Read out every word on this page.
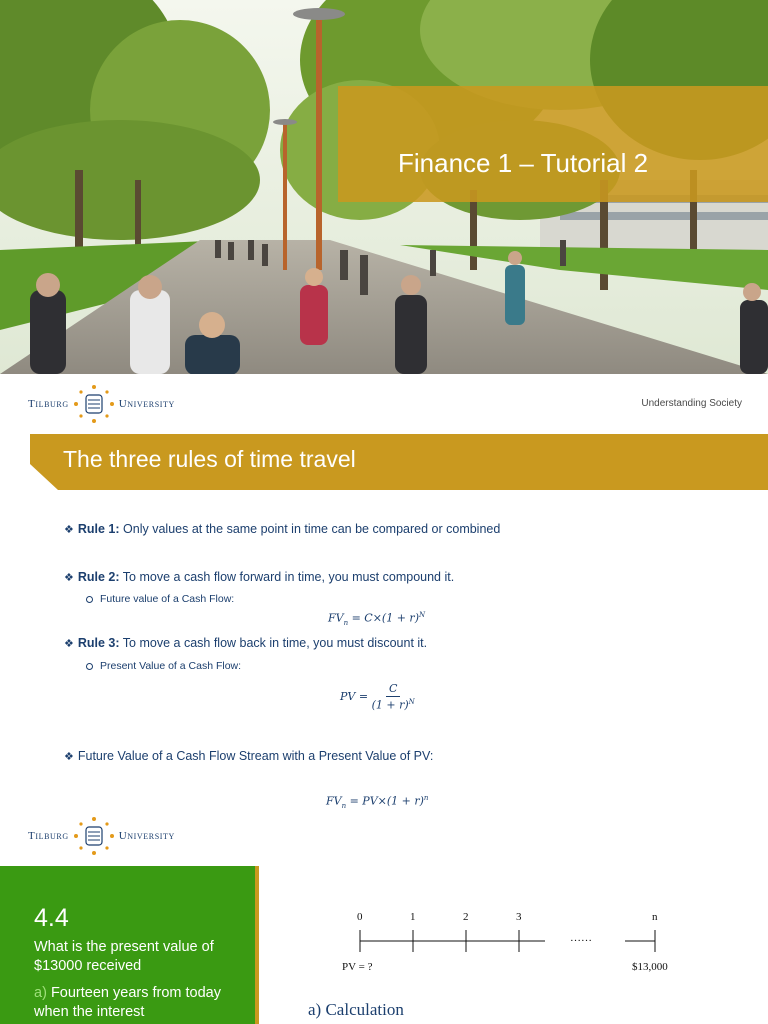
Finance 1 – Tutorial 2
Tilburg	University	Understanding Society
The three rules of time travel
❖ Rule 1: Only values at the same point in time can be compared or combined
❖ Rule 2: To move a cash flow forward in time, you must compound it.
Future value of a Cash Flow:
$FV_n = C\times(1 + r)^N$
❖ Rule 3: To move a cash flow back in time, you must discount it.
Present Value of a Cash Flow:
PV = $\frac{C}{(1 + r)^N}$
❖ Future Value of a Cash Flow Stream with a Present Value of PV:
$FV_n = PV\times(1 + r)^n$
Tilburg	University
4.4
What is the present value of $13000 received
a) Fourteen years from today when the interest
0	1	2	3	n
……
PV = ?	$13,000
a) Calculation
